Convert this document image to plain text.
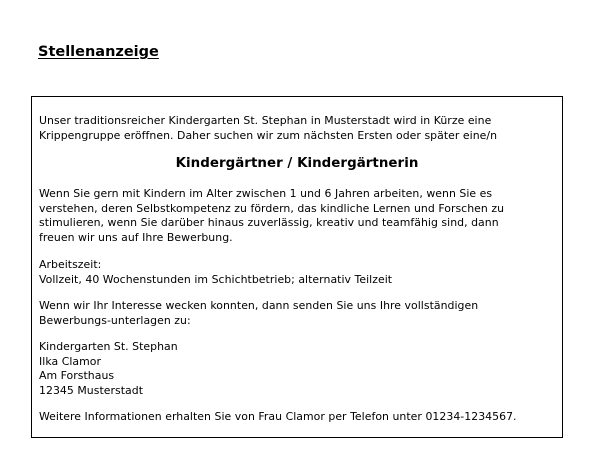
Stellenanzeige

Unser traditionsreicher Kindergarten St. Stephan in Musterstadt wird in Kürze eine
Krippengruppe eröffnen. Daher suchen wir zum nächsten Ersten oder später eine/n

Kindergärtner / Kindergärtnerin

Wenn Sie gern mit Kindern im Alter zwischen 1 und 6 Jahren arbeiten, wenn Sie es
verstehen, deren Selbstkompetenz zu fördern, das kindliche Lernen und Forschen zu
stimulieren, wenn Sie darüber hinaus zuverlässig, kreativ und teamfähig sind, dann
freuen wir uns auf Ihre Bewerbung.

Arbeitszeit:
Vollzeit, 40 Wochenstunden im Schichtbetrieb; alternativ Teilzeit

Wenn wir Ihr Interesse wecken konnten, dann senden Sie uns Ihre vollständigen
Bewerbungs-unterlagen zu:

Kindergarten St. Stephan
Ilka Clamor
Am Forsthaus
12345 Musterstadt

Weitere Informationen erhalten Sie von Frau Clamor per Telefon unter 01234-1234567.
